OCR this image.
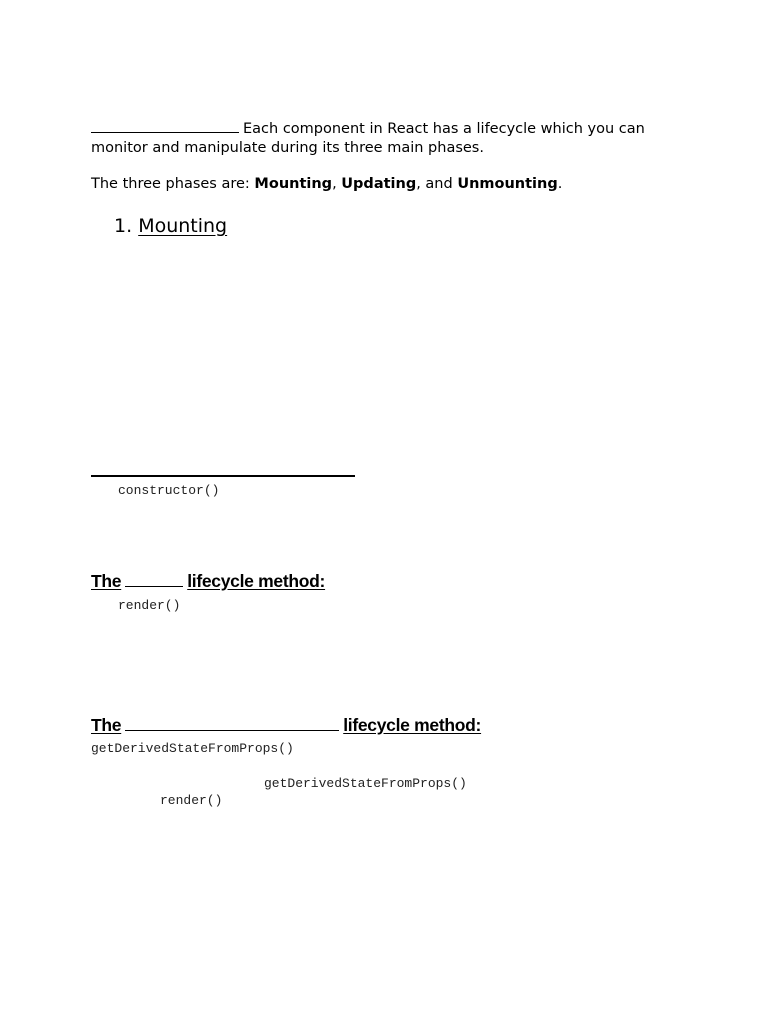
Each component in React has a lifecycle which you can
monitor and manipulate during its three main phases.
The three phases are: Mounting, Updating, and Unmounting.
1. Mounting
constructor()
The	lifecycle method:
render()
The	lifecycle method:
getDerivedStateFromProps()
getDerivedStateFromProps()
render()
